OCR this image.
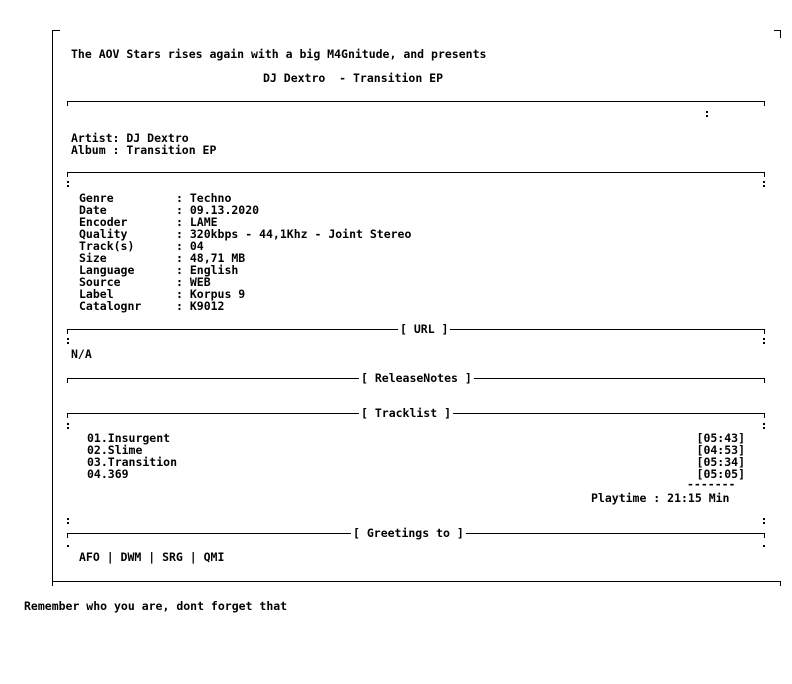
The AOV Stars rises again with a big M4Gnitude, and presents
DJ Dextro  - Transition EP
Artist: DJ Dextro
Album : Transition EP
Genre	: Techno
Date	: 09.13.2020
Encoder	: LAME
Quality	: 320kbps - 44,1Khz - Joint Stereo
Track(s)	: 04
Size	: 48,71 MB
Language	: English
Source	: WEB
Label	: Korpus 9
Catalognr	: K9012
[ URL ]
N/A
[ ReleaseNotes ]
[ Tracklist ]
01.Insurgent	[05:43]
02.Slime	[04:53]
03.Transition	[05:34]
04.369	[05:05]
-------
Playtime : 21:15 Min
[ Greetings to ]
AFO | DWM | SRG | QMI
Remember who you are, dont forget that
